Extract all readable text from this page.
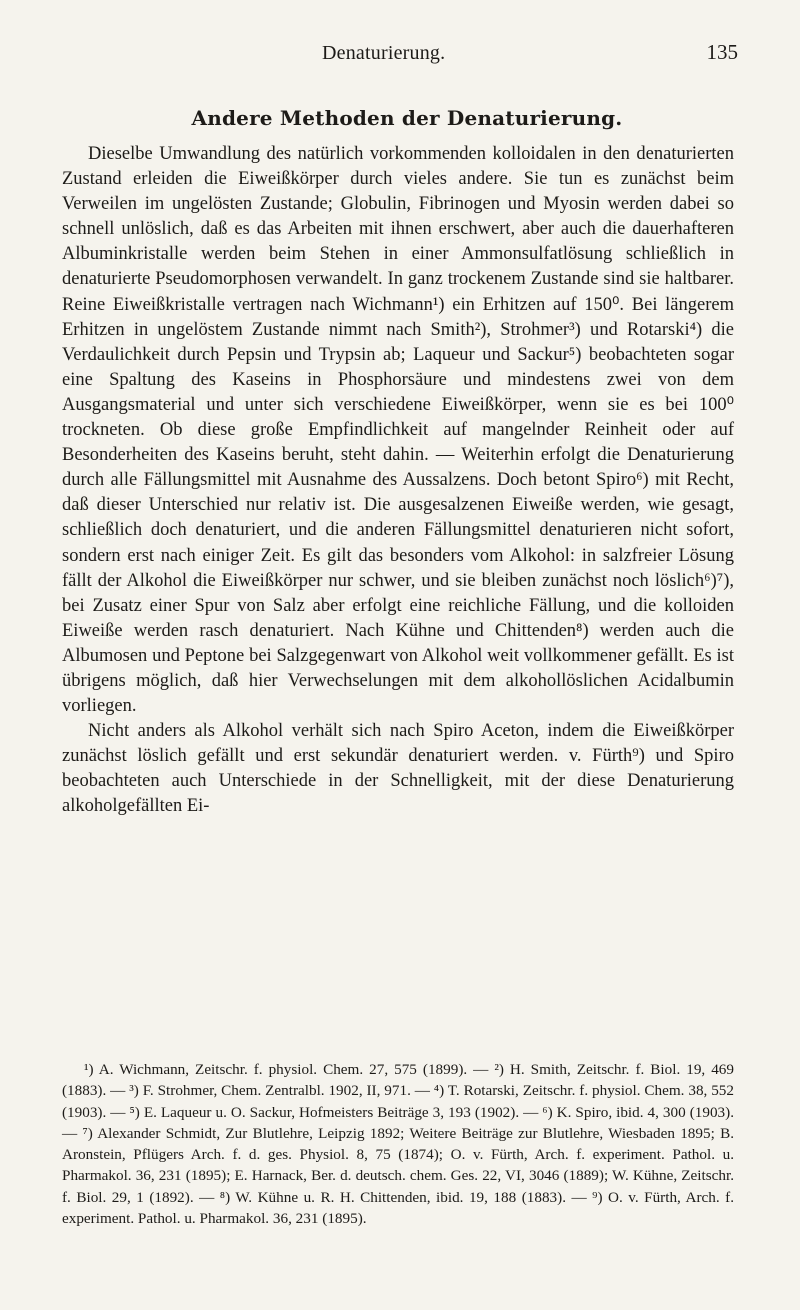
Denaturierung.	135
Andere Methoden der Denaturierung.

Dieselbe Umwandlung des natürlich vorkommenden kolloidalen in den denaturierten Zustand erleiden die Eiweißkörper durch vieles andere. Sie tun es zunächst beim Verweilen im ungelösten Zustande; Globulin, Fibrinogen und Myosin werden dabei so schnell unlöslich, daß es das Arbeiten mit ihnen erschwert, aber auch die dauerhafteren Albuminkristalle werden beim Stehen in einer Ammonsulfatlösung schließlich in denaturierte Pseudomorphosen verwandelt. In ganz trockenem Zustande sind sie haltbarer. Reine Eiweißkristalle vertragen nach Wichmann¹) ein Erhitzen auf 150⁰. Bei längerem Erhitzen in ungelöstem Zustande nimmt nach Smith²), Strohmer³) und Rotarski⁴) die Verdaulichkeit durch Pepsin und Trypsin ab; Laqueur und Sackur⁵) beobachteten sogar eine Spaltung des Kaseins in Phosphorsäure und mindestens zwei von dem Ausgangsmaterial und unter sich verschiedene Eiweißkörper, wenn sie es bei 100⁰ trockneten. Ob diese große Empfindlichkeit auf mangelnder Reinheit oder auf Besonderheiten des Kaseins beruht, steht dahin. — Weiterhin erfolgt die Denaturierung durch alle Fällungsmittel mit Ausnahme des Aussalzens. Doch betont Spiro⁶) mit Recht, daß dieser Unterschied nur relativ ist. Die ausgesalzenen Eiweiße werden, wie gesagt, schließlich doch denaturiert, und die anderen Fällungsmittel denaturieren nicht sofort, sondern erst nach einiger Zeit. Es gilt das besonders vom Alkohol: in salzfreier Lösung fällt der Alkohol die Eiweißkörper nur schwer, und sie bleiben zunächst noch löslich⁶)⁷), bei Zusatz einer Spur von Salz aber erfolgt eine reichliche Fällung, und die kolloiden Eiweiße werden rasch denaturiert. Nach Kühne und Chittenden⁸) werden auch die Albumosen und Peptone bei Salzgegenwart von Alkohol weit vollkommener gefällt. Es ist übrigens möglich, daß hier Verwechselungen mit dem alkohollöslichen Acidalbumin vorliegen.

Nicht anders als Alkohol verhält sich nach Spiro Aceton, indem die Eiweißkörper zunächst löslich gefällt und erst sekundär denaturiert werden. v. Fürth⁹) und Spiro beobachteten auch Unterschiede in der Schnelligkeit, mit der diese Denaturierung alkoholgefällten Ei-

¹) A. Wichmann, Zeitschr. f. physiol. Chem. 27, 575 (1899). — ²) H. Smith, Zeitschr. f. Biol. 19, 469 (1883). — ³) F. Strohmer, Chem. Zentralbl. 1902, II, 971. — ⁴) T. Rotarski, Zeitschr. f. physiol. Chem. 38, 552 (1903). — ⁵) E. Laqueur u. O. Sackur, Hofmeisters Beiträge 3, 193 (1902). — ⁶) K. Spiro, ibid. 4, 300 (1903). — ⁷) Alexander Schmidt, Zur Blutlehre, Leipzig 1892; Weitere Beiträge zur Blutlehre, Wiesbaden 1895; B. Aronstein, Pflügers Arch. f. d. ges. Physiol. 8, 75 (1874); O. v. Fürth, Arch. f. experiment. Pathol. u. Pharmakol. 36, 231 (1895); E. Harnack, Ber. d. deutsch. chem. Ges. 22, VI, 3046 (1889); W. Kühne, Zeitschr. f. Biol. 29, 1 (1892). — ⁸) W. Kühne u. R. H. Chittenden, ibid. 19, 188 (1883). — ⁹) O. v. Fürth, Arch. f. experiment. Pathol. u. Pharmakol. 36, 231 (1895).
